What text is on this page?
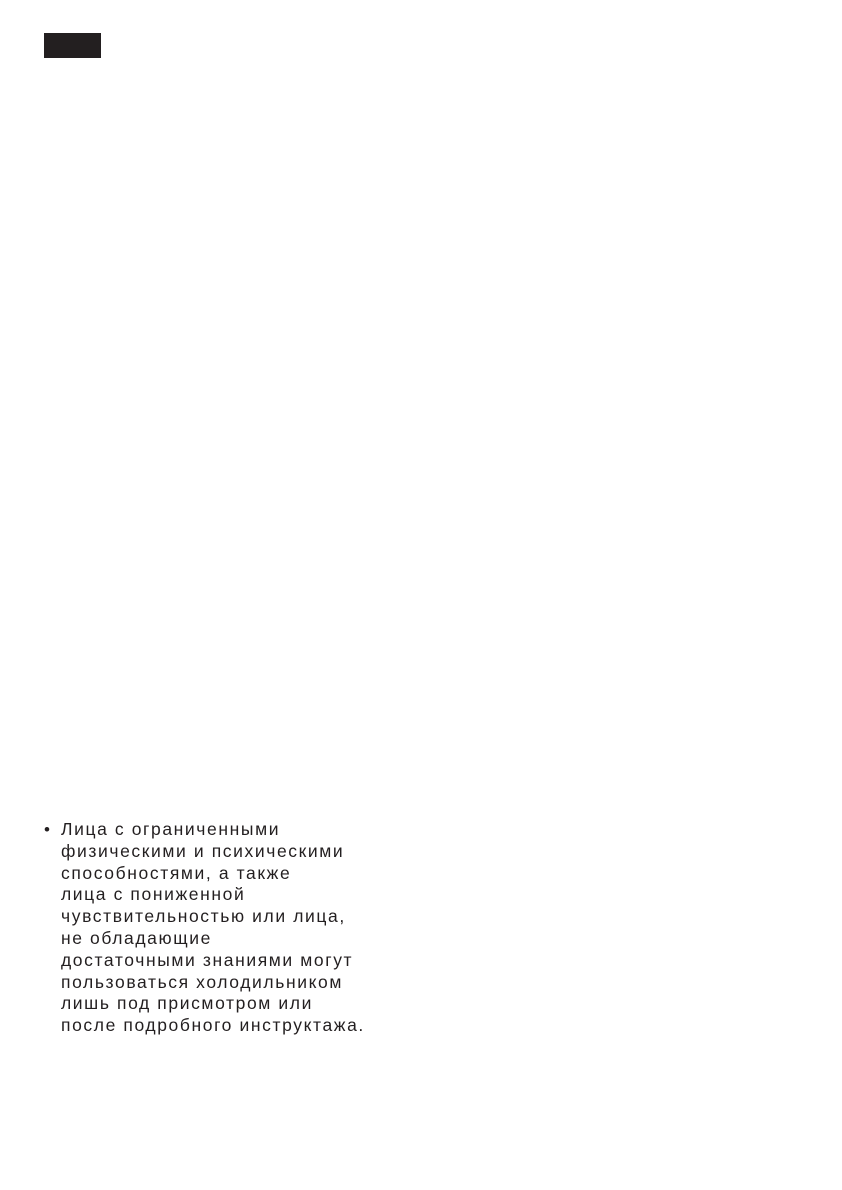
• Лица с ограниченными
физическими и психическими
способностями, а также
лица с пониженной
чувствительностью или лица,
не обладающие
достаточными знаниями могут
пользоваться холодильником
лишь под присмотром или
после подробного инструктажа.
